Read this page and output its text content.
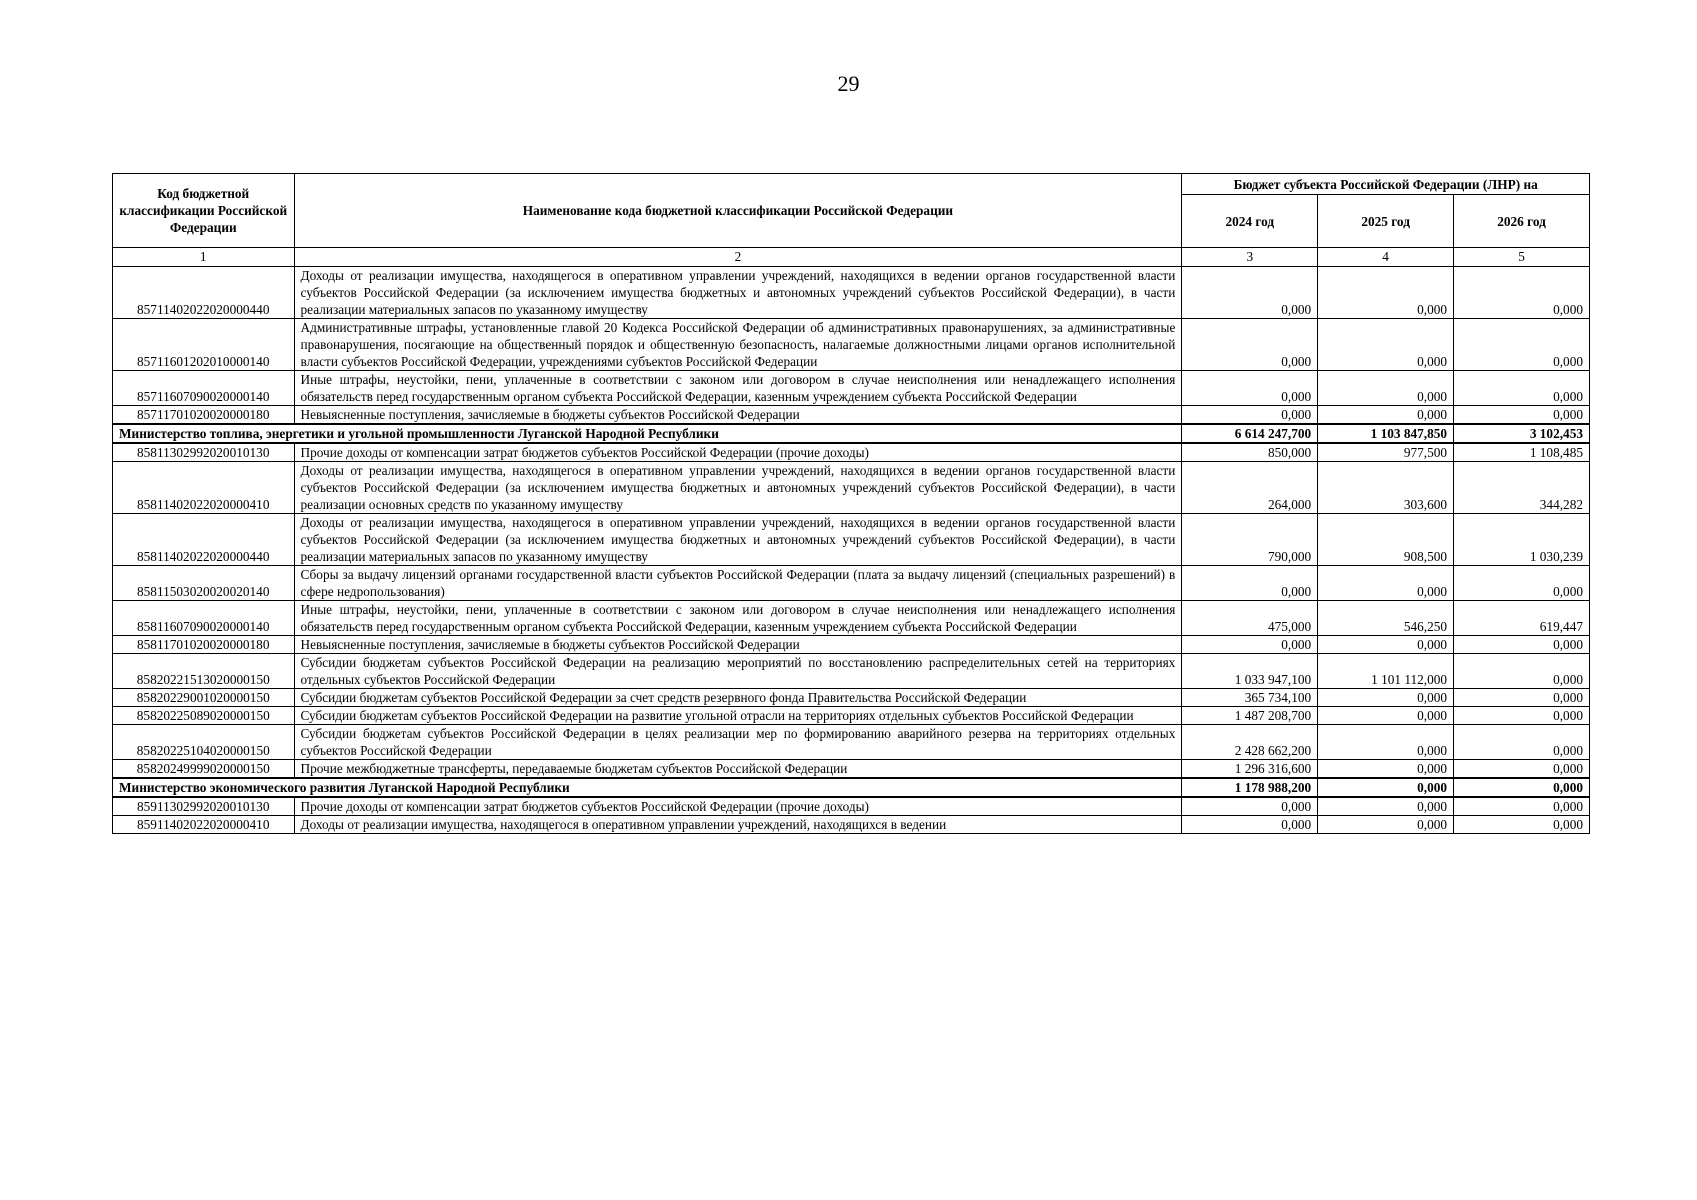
29
Код бюджетной классификации Российской Федерации	Наименование кода бюджетной классификации Российской Федерации	Бюджет субъекта Российской Федерации (ЛНР) на		
		2024 год	2025 год	2026 год
1	2	3	4	5
85711402022020000440	Доходы от реализации имущества, находящегося в оперативном управлении учреждений, находящихся в ведении органов государственной власти субъектов Российской Федерации (за исключением имущества бюджетных и автономных учреждений субъектов Российской Федерации), в части реализации материальных запасов по указанному имуществу	0,000	0,000	0,000
85711601202010000140	Административные штрафы, установленные главой 20 Кодекса Российской Федерации об административных правонарушениях, за административные правонарушения, посягающие на общественный порядок и общественную безопасность, налагаемые должностными лицами органов исполнительной власти субъектов Российской Федерации, учреждениями субъектов Российской Федерации	0,000	0,000	0,000
85711607090020000140	Иные штрафы, неустойки, пени, уплаченные в соответствии с законом или договором в случае неисполнения или ненадлежащего исполнения обязательств перед государственным органом субъекта Российской Федерации, казенным учреждением субъекта Российской Федерации	0,000	0,000	0,000
85711701020020000180	Невыясненные поступления, зачисляемые в бюджеты субъектов Российской Федерации	0,000	0,000	0,000
Министерство топлива, энергетики и угольной промышленности Луганской Народной Республики		6 614 247,700	1 103 847,850	3 102,453
85811302992020010130	Прочие доходы от компенсации затрат бюджетов субъектов Российской Федерации (прочие доходы)	850,000	977,500	1 108,485
85811402022020000410	Доходы от реализации имущества, находящегося в оперативном управлении учреждений, находящихся в ведении органов государственной власти субъектов Российской Федерации (за исключением имущества бюджетных и автономных учреждений субъектов Российской Федерации), в части реализации основных средств по указанному имуществу	264,000	303,600	344,282
85811402022020000440	Доходы от реализации имущества, находящегося в оперативном управлении учреждений, находящихся в ведении органов государственной власти субъектов Российской Федерации (за исключением имущества бюджетных и автономных учреждений субъектов Российской Федерации), в части реализации материальных запасов по указанному имуществу	790,000	908,500	1 030,239
85811503020020020140	Сборы за выдачу лицензий органами государственной власти субъектов Российской Федерации (плата за выдачу лицензий (специальных разрешений) в сфере недропользования)	0,000	0,000	0,000
85811607090020000140	Иные штрафы, неустойки, пени, уплаченные в соответствии с законом или договором в случае неисполнения или ненадлежащего исполнения обязательств перед государственным органом субъекта Российской Федерации, казенным учреждением субъекта Российской Федерации	475,000	546,250	619,447
85811701020020000180	Невыясненные поступления, зачисляемые в бюджеты субъектов Российской Федерации	0,000	0,000	0,000
85820221513020000150	Субсидии бюджетам субъектов Российской Федерации на реализацию мероприятий по восстановлению распределительных сетей на территориях отдельных субъектов Российской Федерации	1 033 947,100	1 101 112,000	0,000
85820229001020000150	Субсидии бюджетам субъектов Российской Федерации за счет средств резервного фонда Правительства Российской Федерации	365 734,100	0,000	0,000
85820225089020000150	Субсидии бюджетам субъектов Российской Федерации на развитие угольной отрасли на территориях отдельных субъектов Российской Федерации	1 487 208,700	0,000	0,000
85820225104020000150	Субсидии бюджетам субъектов Российской Федерации в целях реализации мер по формированию аварийного резерва на территориях отдельных субъектов Российской Федерации	2 428 662,200	0,000	0,000
85820249999020000150	Прочие межбюджетные трансферты, передаваемые бюджетам субъектов Российской Федерации	1 296 316,600	0,000	0,000
Министерство экономического развития Луганской Народной Республики		1 178 988,200	0,000	0,000
85911302992020010130	Прочие доходы от компенсации затрат бюджетов субъектов Российской Федерации (прочие доходы)	0,000	0,000	0,000
85911402022020000410	Доходы от реализации имущества, находящегося в оперативном управлении учреждений, находящихся в ведении	0,000	0,000	0,000
